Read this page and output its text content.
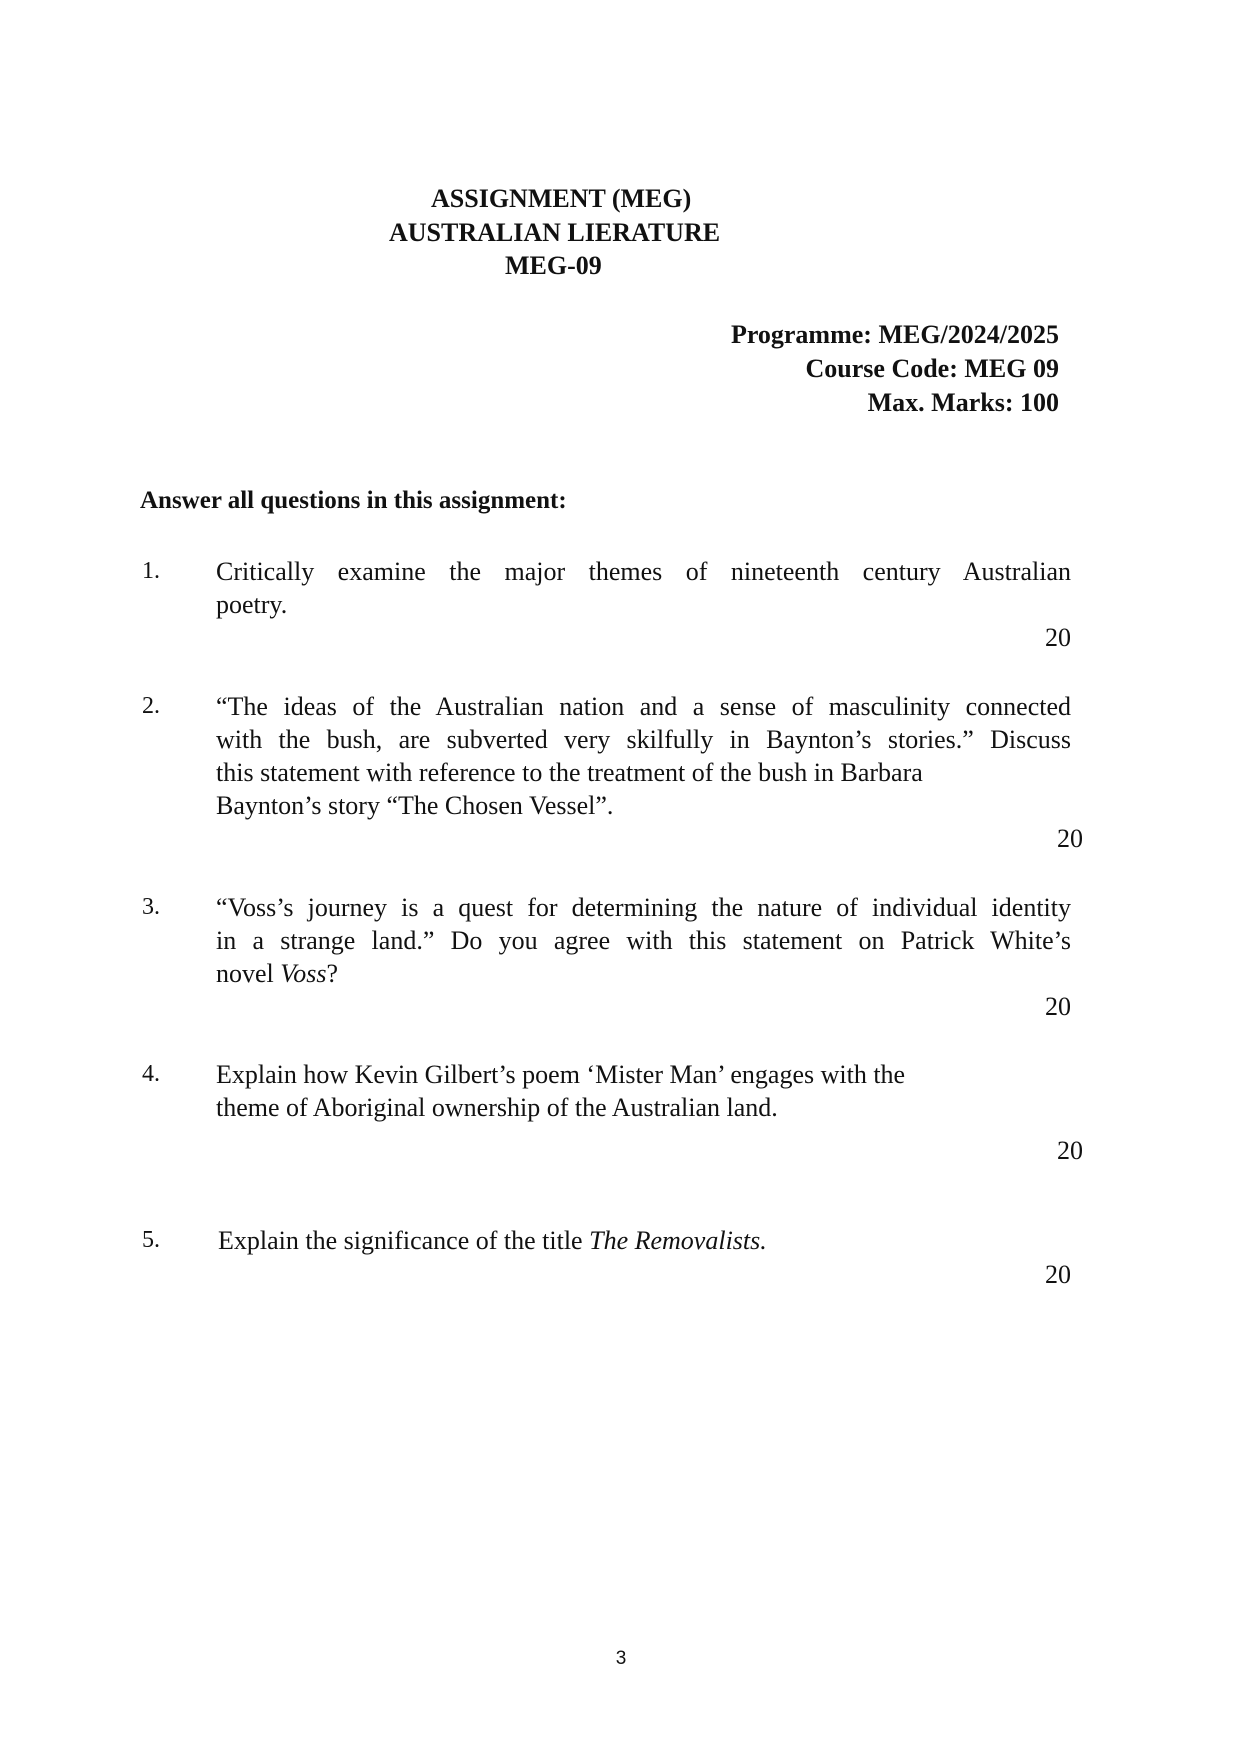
ASSIGNMENT (MEG)
AUSTRALIAN LIERATURE
MEG-09
Programme: MEG/2024/2025
Course Code: MEG 09
Max. Marks: 100
Answer all questions in this assignment:
1. Critically examine the major themes of nineteenth century Australian
poetry.
20
2. “The ideas of the Australian nation and a sense of masculinity connected
with the bush, are subverted very skilfully in Baynton’s stories.” Discuss
this statement with reference to the treatment of the bush in Barbara
Baynton’s story “The Chosen Vessel”.
20
3. “Voss’s journey is a quest for determining the nature of individual identity
in a strange land.” Do you agree with this statement on Patrick White’s
novel Voss?
20
4. Explain how Kevin Gilbert’s poem ‘Mister Man’ engages with the
theme of Aboriginal ownership of the Australian land.
20
5. Explain the significance of the title The Removalists.
20
3
